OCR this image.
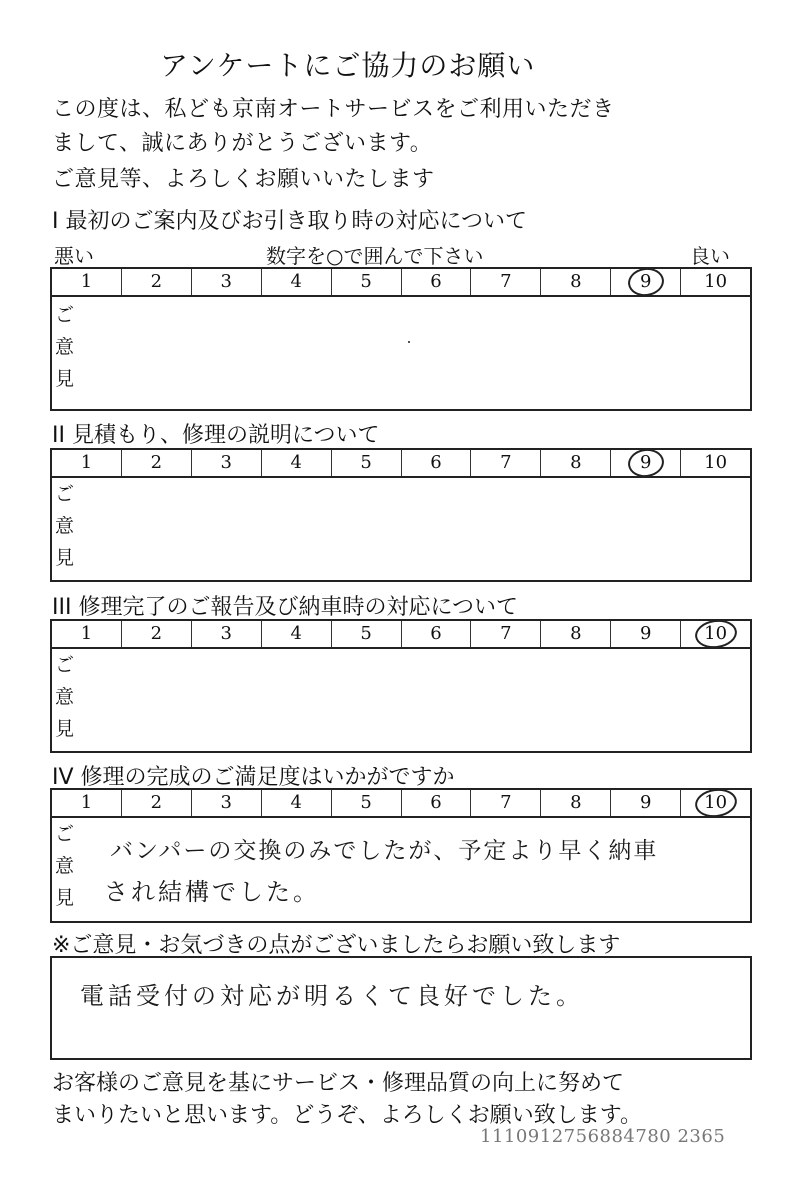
アンケートにご協力のお願い
この度は、私ども京南オートサービスをご利用いただき
まして、誠にありがとうございます。
ご意見等、よろしくお願いいたします
I 最初のご案内及びお引き取り時の対応について
悪い	数字を○で囲んで下さい	良い
1	2	3	4	5	6	7	8	9	10
ご
意
見
II 見積もり、修理の説明について
1	2	3	4	5	6	7	8	9	10
ご
意
見
III 修理完了のご報告及び納車時の対応について
1	2	3	4	5	6	7	8	9	10
ご
意
見
IV 修理の完成のご満足度はいかがですか
1	2	3	4	5	6	7	8	9	10
ご
意
見
バンパーの交換のみでしたが、予定より早く納車
され結構でした。
※ご意見・お気づきの点がございましたらお願い致します
電話受付の対応が明るくて良好でした。
お客様のご意見を基にサービス・修理品質の向上に努めて
まいりたいと思います。どうぞ、よろしくお願い致します。
1110912756884780 2365
